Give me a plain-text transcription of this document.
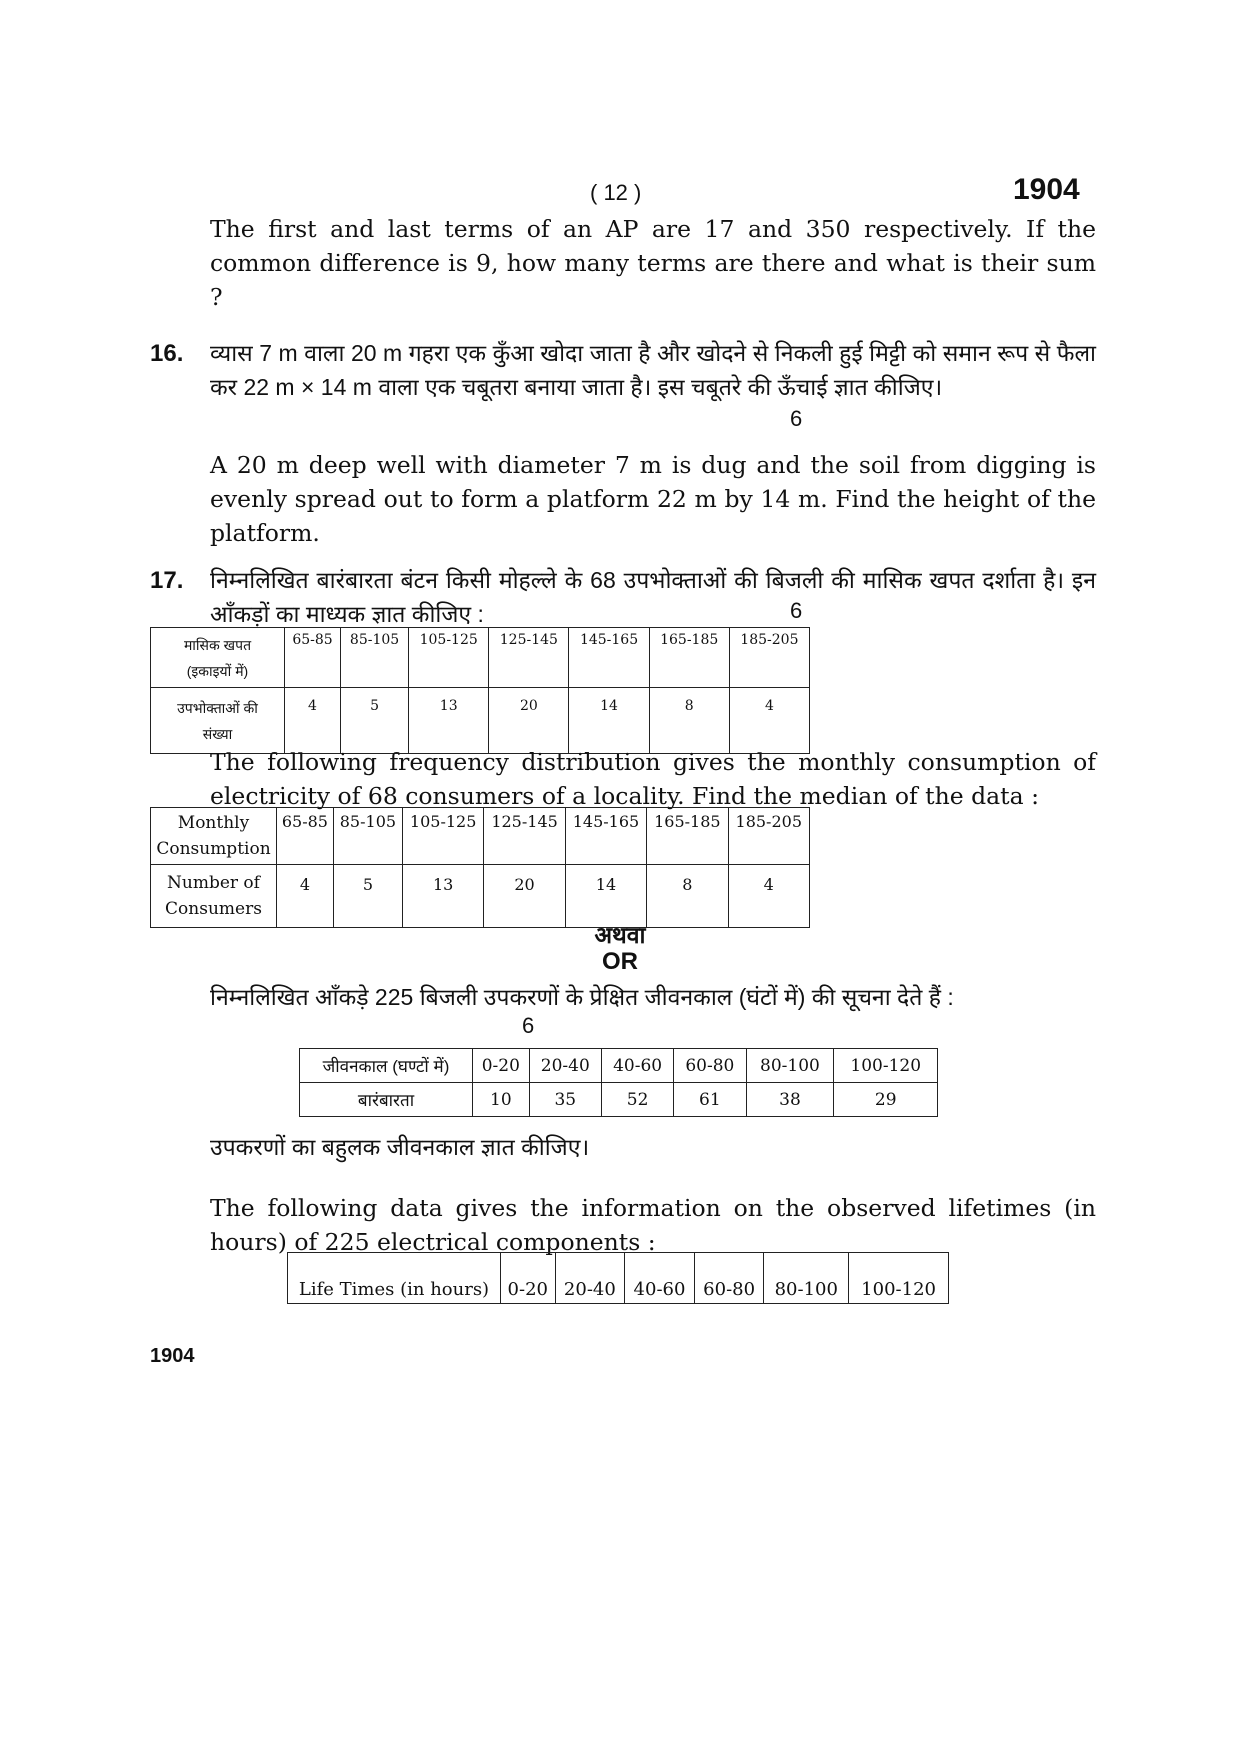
( 12 )	1904
The first and last terms of an AP are 17 and 350 respectively. If the common difference is 9, how many terms are there and what is their sum ?
16. व्यास 7 m वाला 20 m गहरा एक कुँआ खोदा जाता है और खोदने से निकली हुई मिट्टी को समान रूप से फैला कर 22 m × 14 m वाला एक चबूतरा बनाया जाता है। इस चबूतरे की ऊँचाई ज्ञात कीजिए।
6
A 20 m deep well with diameter 7 m is dug and the soil from digging is evenly spread out to form a platform 22 m by 14 m. Find the height of the platform.
17. निम्नलिखित बारंबारता बंटन किसी मोहल्ले के 68 उपभोक्ताओं की बिजली की मासिक खपत दर्शाता है। इन आँकड़ों का माध्यक ज्ञात कीजिए :	6
मासिक खपत
(इकाइयों में)	65-85	85-105	105-125	125-145	145-165	165-185	185-205
उपभोक्ताओं की
संख्या	4	5	13	20	14	8	4
The following frequency distribution gives the monthly consumption of electricity of 68 consumers of a locality. Find the median of the data :
Monthly
Consumption	65-85	85-105	105-125	125-145	145-165	165-185	185-205
Number of
Consumers	4	5	13	20	14	8	4
अथवा
OR
निम्नलिखित आँकड़े 225 बिजली उपकरणों के प्रेक्षित जीवनकाल (घंटों में) की सूचना देते हैं :
6
जीवनकाल (घण्टों में)	0-20	20-40	40-60	60-80	80-100	100-120
बारंबारता	10	35	52	61	38	29
उपकरणों का बहुलक जीवनकाल ज्ञात कीजिए।
The following data gives the information on the observed lifetimes (in hours) of 225 electrical components :
Life Times (in hours)	0-20	20-40	40-60	60-80	80-100	100-120
1904
